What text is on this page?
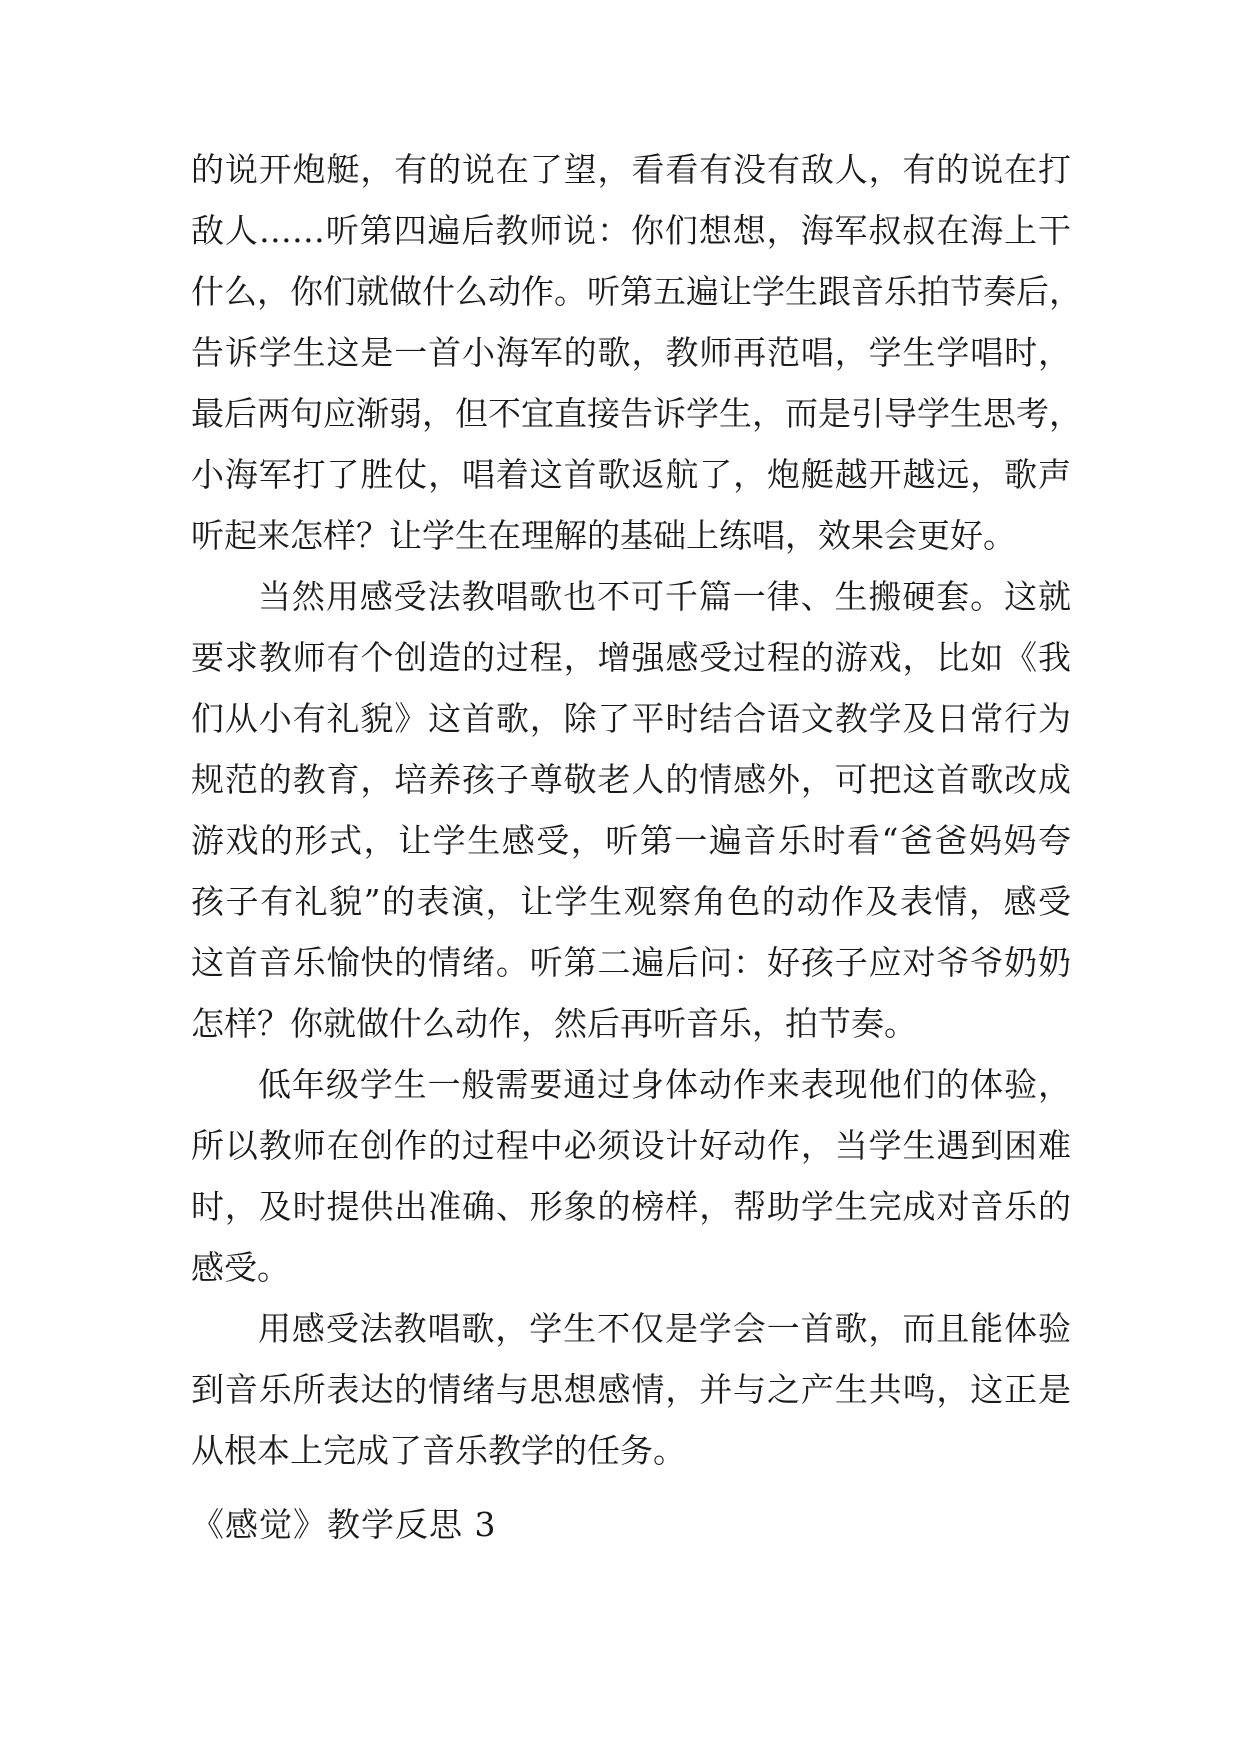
的说开炮艇，有的说在了望，看看有没有敌人，有的说在打
敌人……听第四遍后教师说：你们想想，海军叔叔在海上干
什么，你们就做什么动作。听第五遍让学生跟音乐拍节奏后，
告诉学生这是一首小海军的歌，教师再范唱，学生学唱时，
最后两句应渐弱，但不宜直接告诉学生，而是引导学生思考，
小海军打了胜仗，唱着这首歌返航了，炮艇越开越远，歌声
听起来怎样？让学生在理解的基础上练唱，效果会更好。
当然用感受法教唱歌也不可千篇一律、生搬硬套。这就
要求教师有个创造的过程，增强感受过程的游戏，比如《我
们从小有礼貌》这首歌，除了平时结合语文教学及日常行为
规范的教育，培养孩子尊敬老人的情感外，可把这首歌改成
游戏的形式，让学生感受，听第一遍音乐时看“爸爸妈妈夸
孩子有礼貌”的表演，让学生观察角色的动作及表情，感受
这首音乐愉快的情绪。听第二遍后问：好孩子应对爷爷奶奶
怎样？你就做什么动作，然后再听音乐，拍节奏。
低年级学生一般需要通过身体动作来表现他们的体验，
所以教师在创作的过程中必须设计好动作，当学生遇到困难
时，及时提供出准确、形象的榜样，帮助学生完成对音乐的
感受。
用感受法教唱歌，学生不仅是学会一首歌，而且能体验
到音乐所表达的情绪与思想感情，并与之产生共鸣，这正是
从根本上完成了音乐教学的任务。
《感觉》教学反思 3
